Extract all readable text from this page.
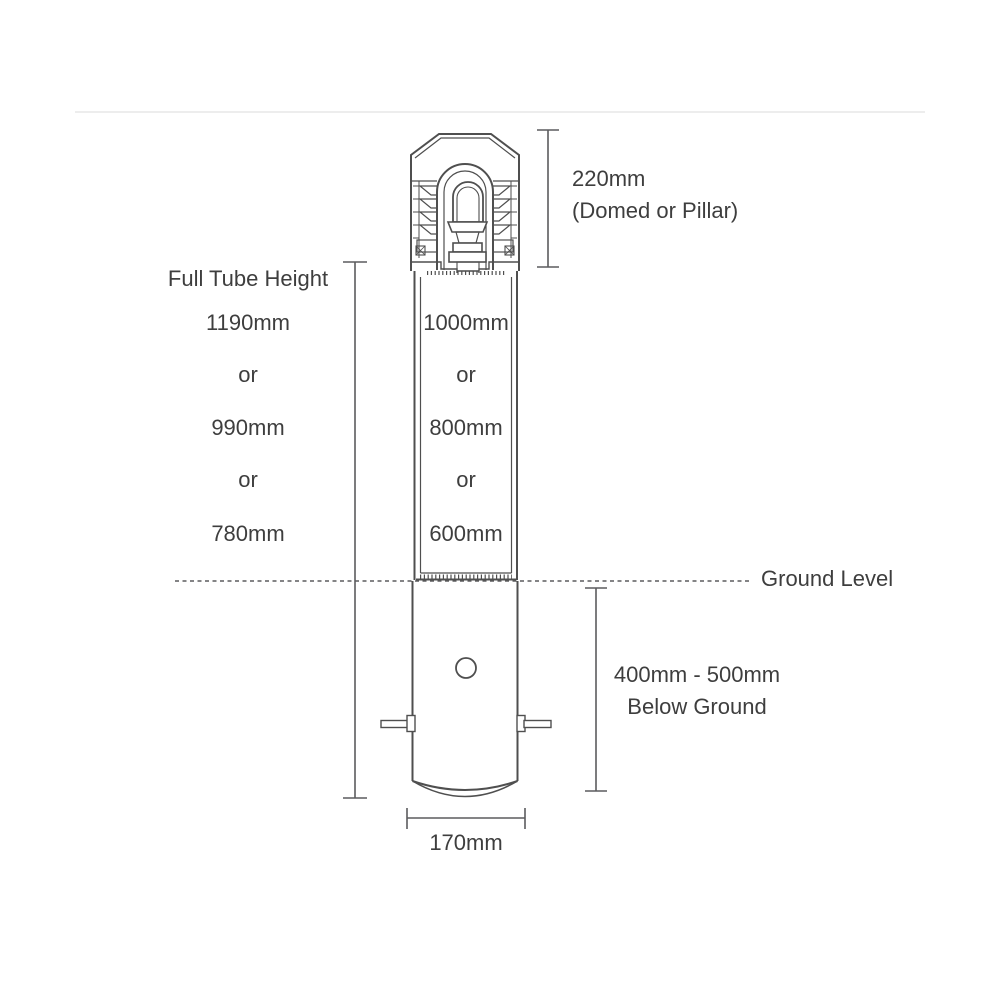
220mm
(Domed or Pillar)
Full Tube Height
1190mm
or
990mm
or
780mm
1000mm
or
800mm
or
600mm
Ground Level
400mm - 500mm
Below Ground
170mm
